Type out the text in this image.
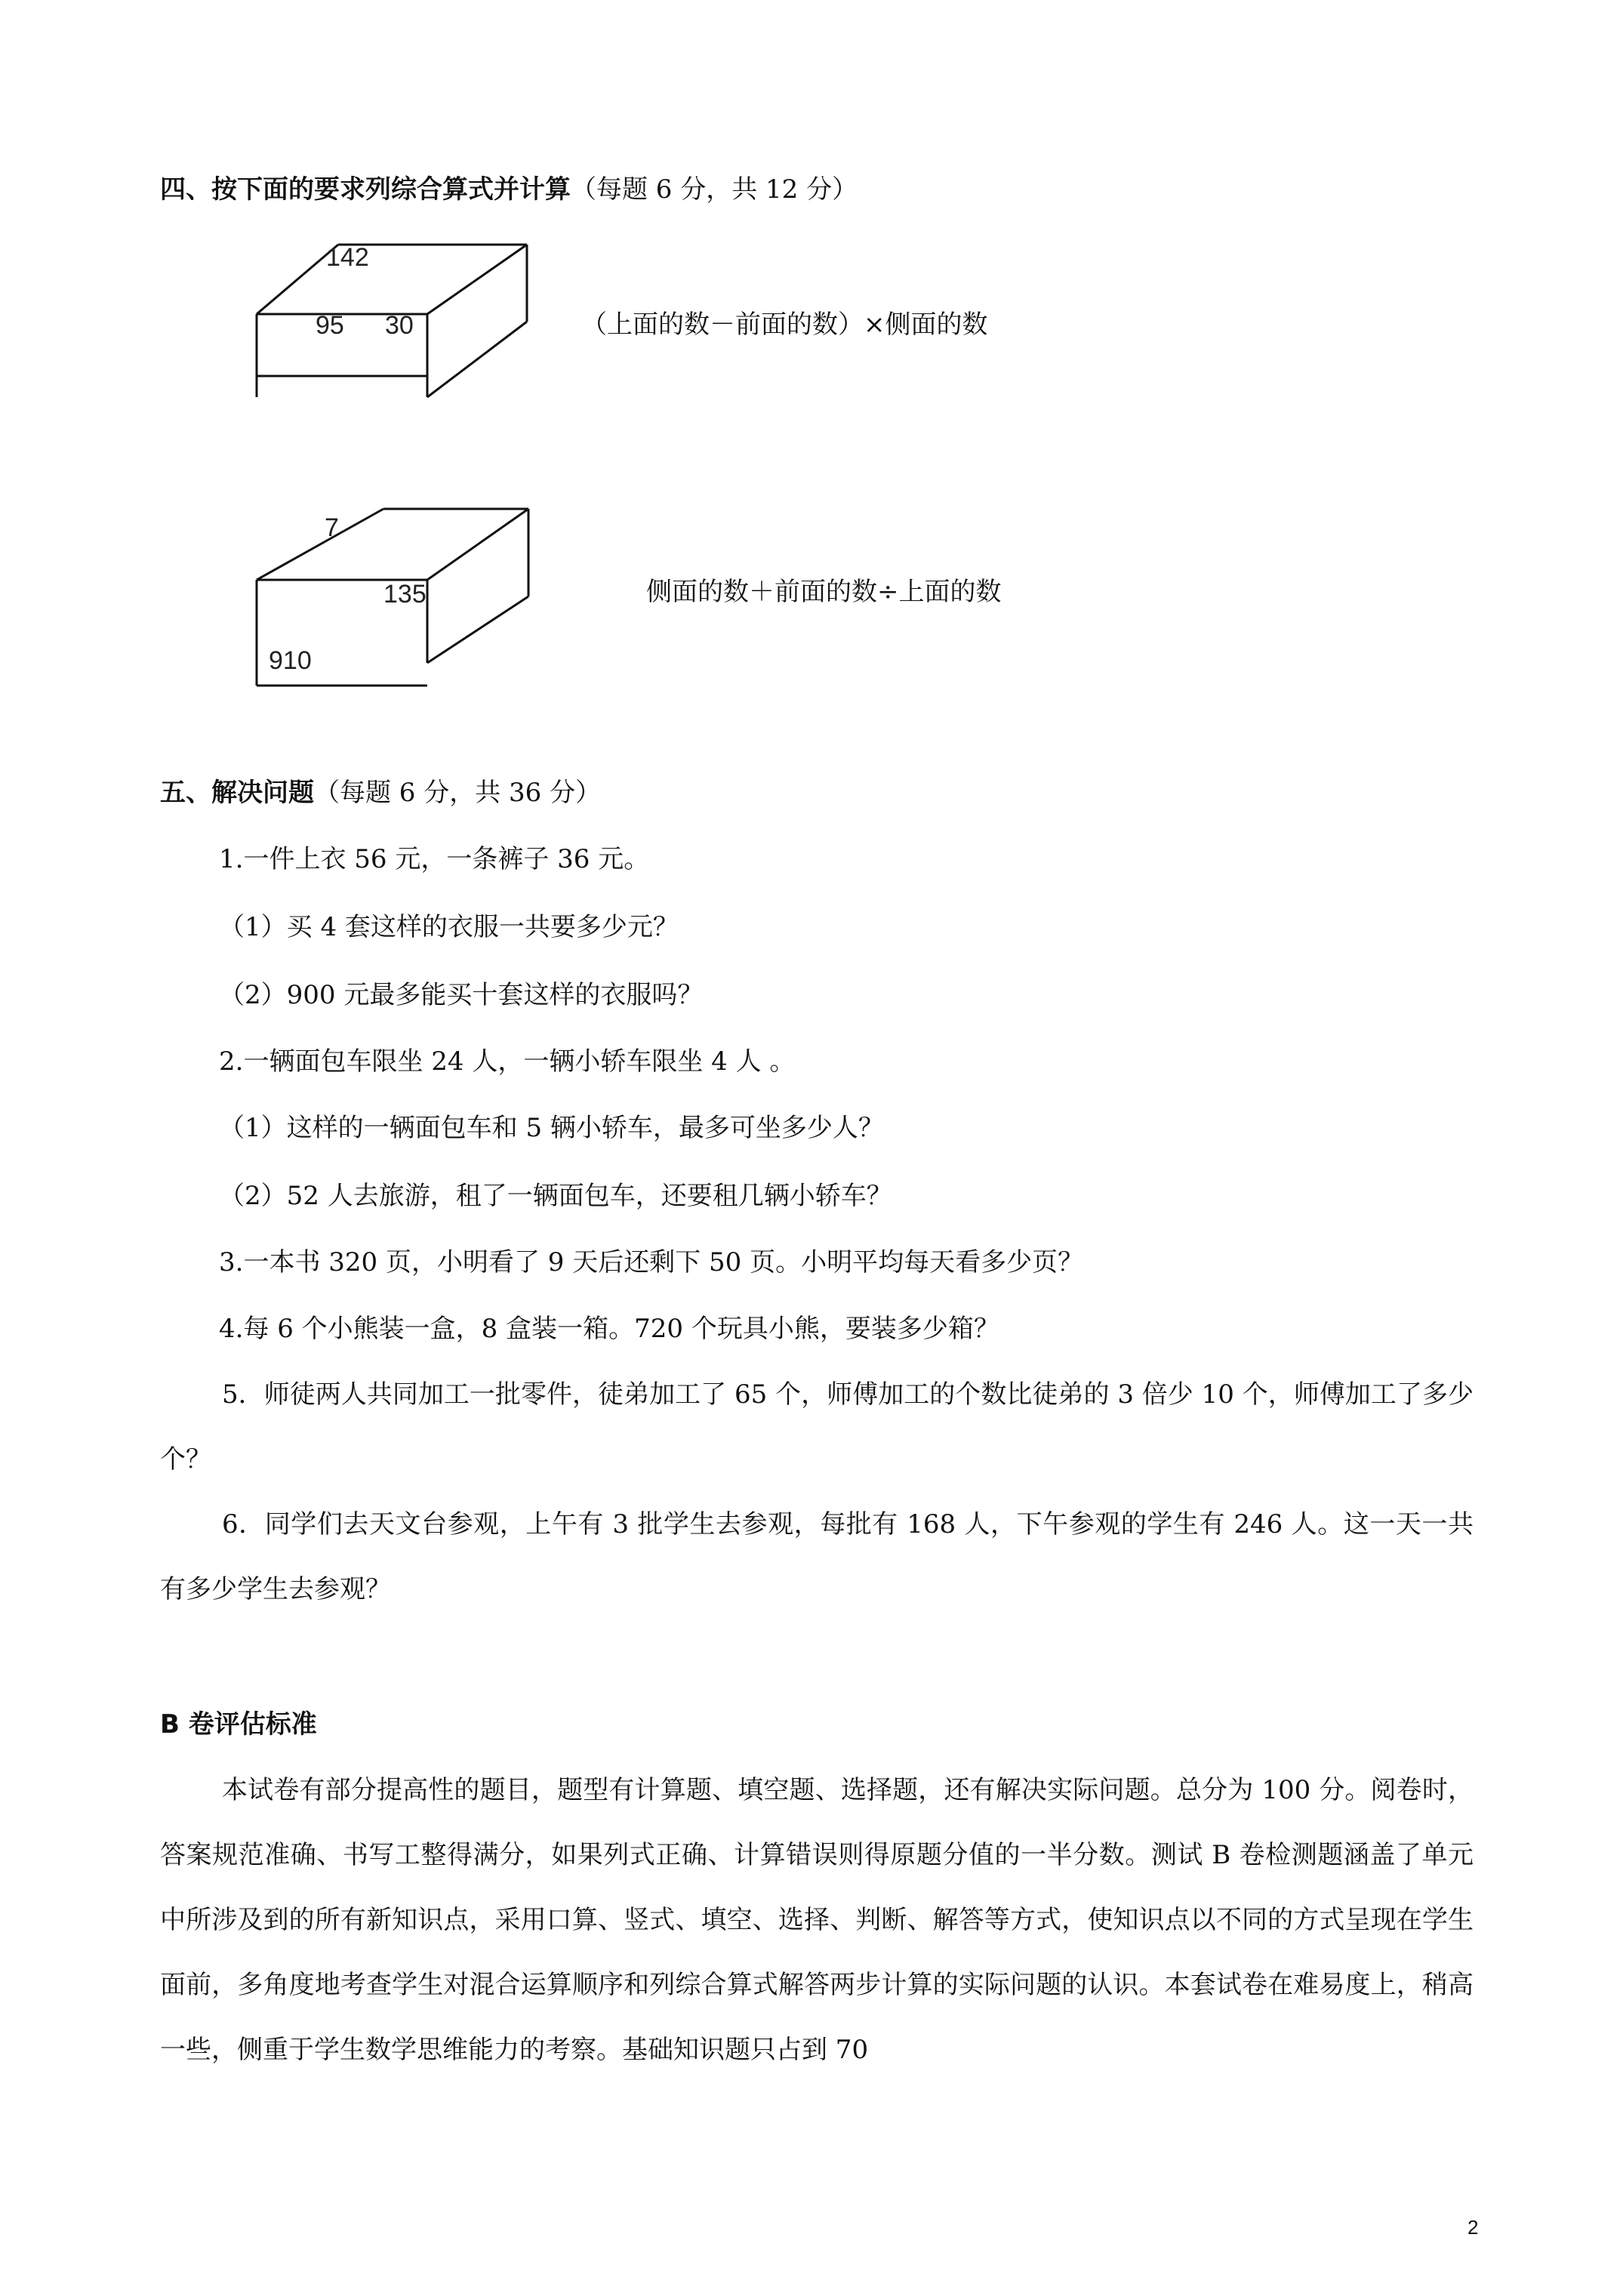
四、按下面的要求列综合算式并计算（每题 6 分，共 12 分）
142
95 30	（上面的数－前面的数）×侧面的数
7
135
910
侧面的数＋前面的数÷上面的数
五、解决问题（每题 6 分，共 36 分）
1.一件上衣 56 元，一条裤子 36 元。
（1）买 4 套这样的衣服一共要多少元？
（2）900 元最多能买十套这样的衣服吗？
2.一辆面包车限坐 24 人，一辆小轿车限坐 4 人 。
（1）这样的一辆面包车和 5 辆小轿车，最多可坐多少人？
（2）52 人去旅游，租了一辆面包车，还要租几辆小轿车？
3.一本书 320 页，小明看了 9 天后还剩下 50 页。小明平均每天看多少页？
4.每 6 个小熊装一盒，8 盒装一箱。720 个玩具小熊，要装多少箱？
5．师徒两人共同加工一批零件，徒弟加工了 65 个，师傅加工的个数比徒弟的 3 倍少 10 个，师傅加工了多少个？
6．同学们去天文台参观，上午有 3 批学生去参观，每批有 168 人，下午参观的学生有 246 人。这一天一共有多少学生去参观？
B 卷评估标准
本试卷有部分提高性的题目，题型有计算题、填空题、选择题，还有解决实际问题。总分为 100 分。阅卷时，答案规范准确、书写工整得满分，如果列式正确、计算错误则得原题分值的一半分数。测试 B 卷检测题涵盖了单元中所涉及到的所有新知识点，采用口算、竖式、填空、选择、判断、解答等方式，使知识点以不同的方式呈现在学生面前，多角度地考查学生对混合运算顺序和列综合算式解答两步计算的实际问题的认识。本套试卷在难易度上，稍高一些，侧重于学生数学思维能力的考察。基础知识题只占到 70
2
